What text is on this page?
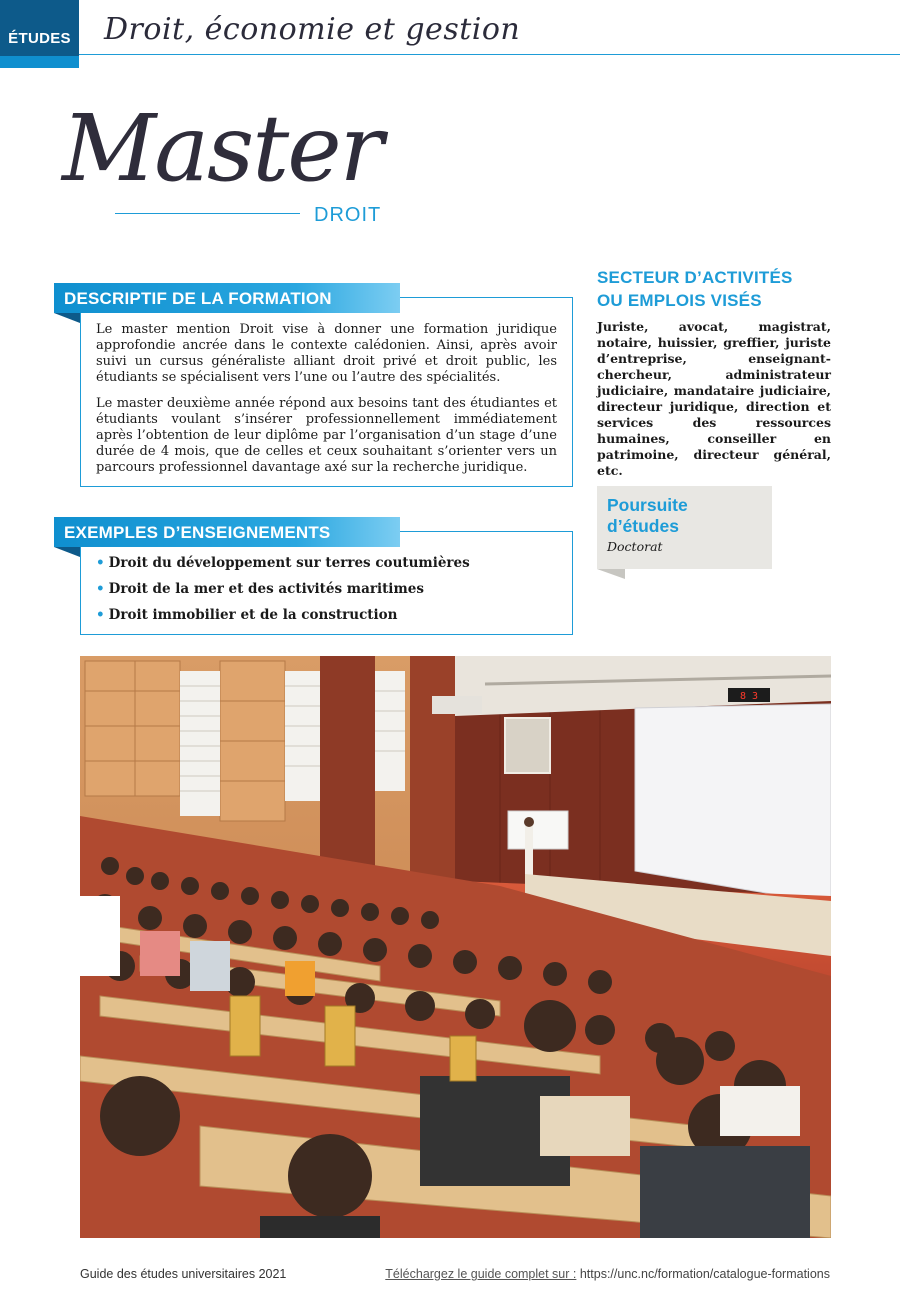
ÉTUDES Droit, économie et gestion
Master
DROIT

Le master mention Droit vise à donner une formation juridique approfondie ancrée dans le contexte calédonien. Ainsi, après avoir suivi un cursus généraliste alliant droit privé et droit public, les étudiants se spécialisent vers l’une ou l’autre des spécialités.

Le master deuxième année répond aux besoins tant des étudiantes et étudiants voulant s’insérer professionnellement immédiatement après l’obtention de leur diplôme par l’organisation d’un stage d’une durée de 4 mois, que de celles et ceux souhaitant s’orienter vers un parcours professionnel davantage axé sur la recherche juridique.

DESCRIPTIF DE LA FORMATION
• Droit du développement sur terres coutumières
• Droit de la mer et des activités maritimes
• Droit immobilier et de la construction
EXEMPLES D’ENSEIGNEMENTS
SECTEUR D’ACTIVITÉS
OU EMPLOIS VISÉS
Juriste, avocat, magistrat, notaire, huissier, greffier, juriste d’entreprise, enseignant-chercheur, administrateur judiciaire, mandataire judiciaire, directeur juridique, direction et services des ressources humaines, conseiller en patrimoine, directeur général, etc.
Poursuite d’études
Doctorat
8 3
Guide des études universitaires 2021	Téléchargez le guide complet sur : https://unc.nc/formation/catalogue-formations
